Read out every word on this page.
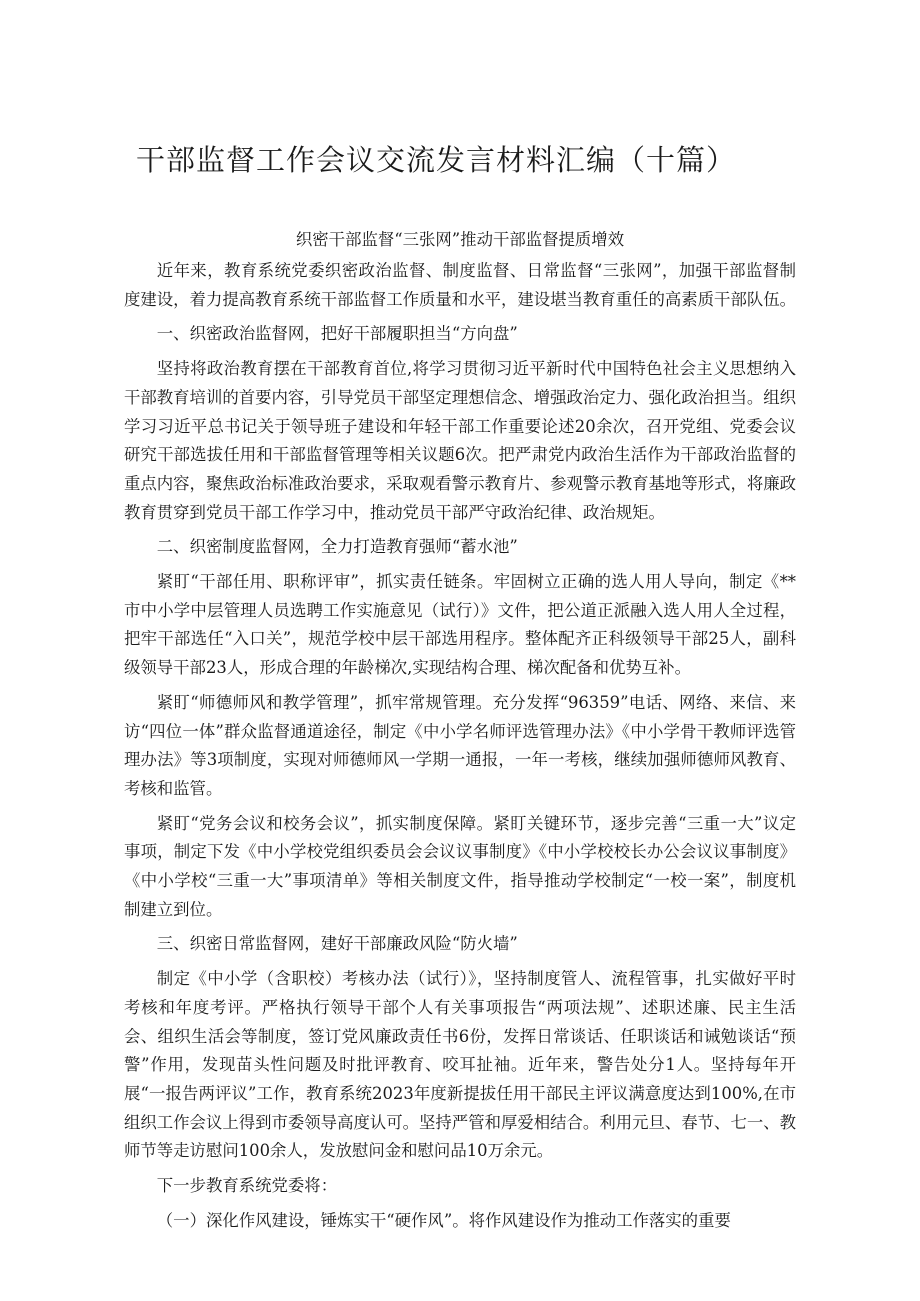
干部监督工作会议交流发言材料汇编（十篇）

织密干部监督“三张网”推动干部监督提质增效

近年来，教育系统党委织密政治监督、制度监督、日常监督“三张网”，加强干部监督制度建设，着力提高教育系统干部监督工作质量和水平，建设堪当教育重任的高素质干部队伍。

一、织密政治监督网，把好干部履职担当“方向盘”

坚持将政治教育摆在干部教育首位,将学习贯彻习近平新时代中国特色社会主义思想纳入干部教育培训的首要内容，引导党员干部坚定理想信念、增强政治定力、强化政治担当。组织学习习近平总书记关于领导班子建设和年轻干部工作重要论述20余次，召开党组、党委会议研究干部选拔任用和干部监督管理等相关议题6次。把严肃党内政治生活作为干部政治监督的重点内容，聚焦政治标准政治要求，采取观看警示教育片、参观警示教育基地等形式，将廉政教育贯穿到党员干部工作学习中，推动党员干部严守政治纪律、政治规矩。

二、织密制度监督网，全力打造教育强师“蓄水池”

紧盯“干部任用、职称评审”，抓实责任链条。牢固树立正确的选人用人导向，制定《**市中小学中层管理人员选聘工作实施意见（试行）》文件，把公道正派融入选人用人全过程，把牢干部选任“入口关”，规范学校中层干部选用程序。整体配齐正科级领导干部25人，副科级领导干部23人，形成合理的年龄梯次,实现结构合理、梯次配备和优势互补。

紧盯“师德师风和教学管理”，抓牢常规管理。充分发挥“96359”电话、网络、来信、来访“四位一体”群众监督通道途径，制定《中小学名师评选管理办法》《中小学骨干教师评选管理办法》等3项制度，实现对师德师风一学期一通报，一年一考核，继续加强师德师风教育、考核和监管。

紧盯“党务会议和校务会议”，抓实制度保障。紧盯关键环节，逐步完善“三重一大”议定事项，制定下发《中小学校党组织委员会会议议事制度》《中小学校校长办公会议议事制度》《中小学校“三重一大”事项清单》等相关制度文件，指导推动学校制定“一校一案”，制度机制建立到位。

三、织密日常监督网，建好干部廉政风险“防火墙”

制定《中小学（含职校）考核办法（试行）》，坚持制度管人、流程管事，扎实做好平时考核和年度考评。严格执行领导干部个人有关事项报告“两项法规”、述职述廉、民主生活会、组织生活会等制度，签订党风廉政责任书6份，发挥日常谈话、任职谈话和诫勉谈话“预警”作用，发现苗头性问题及时批评教育、咬耳扯袖。近年来，警告处分1人。坚持每年开展“一报告两评议”工作，教育系统2023年度新提拔任用干部民主评议满意度达到100%,在市组织工作会议上得到市委领导高度认可。坚持严管和厚爱相结合。利用元旦、春节、七一、教师节等走访慰问100余人，发放慰问金和慰问品10万余元。

下一步教育系统党委将：

（一）深化作风建设，锤炼实干“硬作风”。将作风建设作为推动工作落实的重要
